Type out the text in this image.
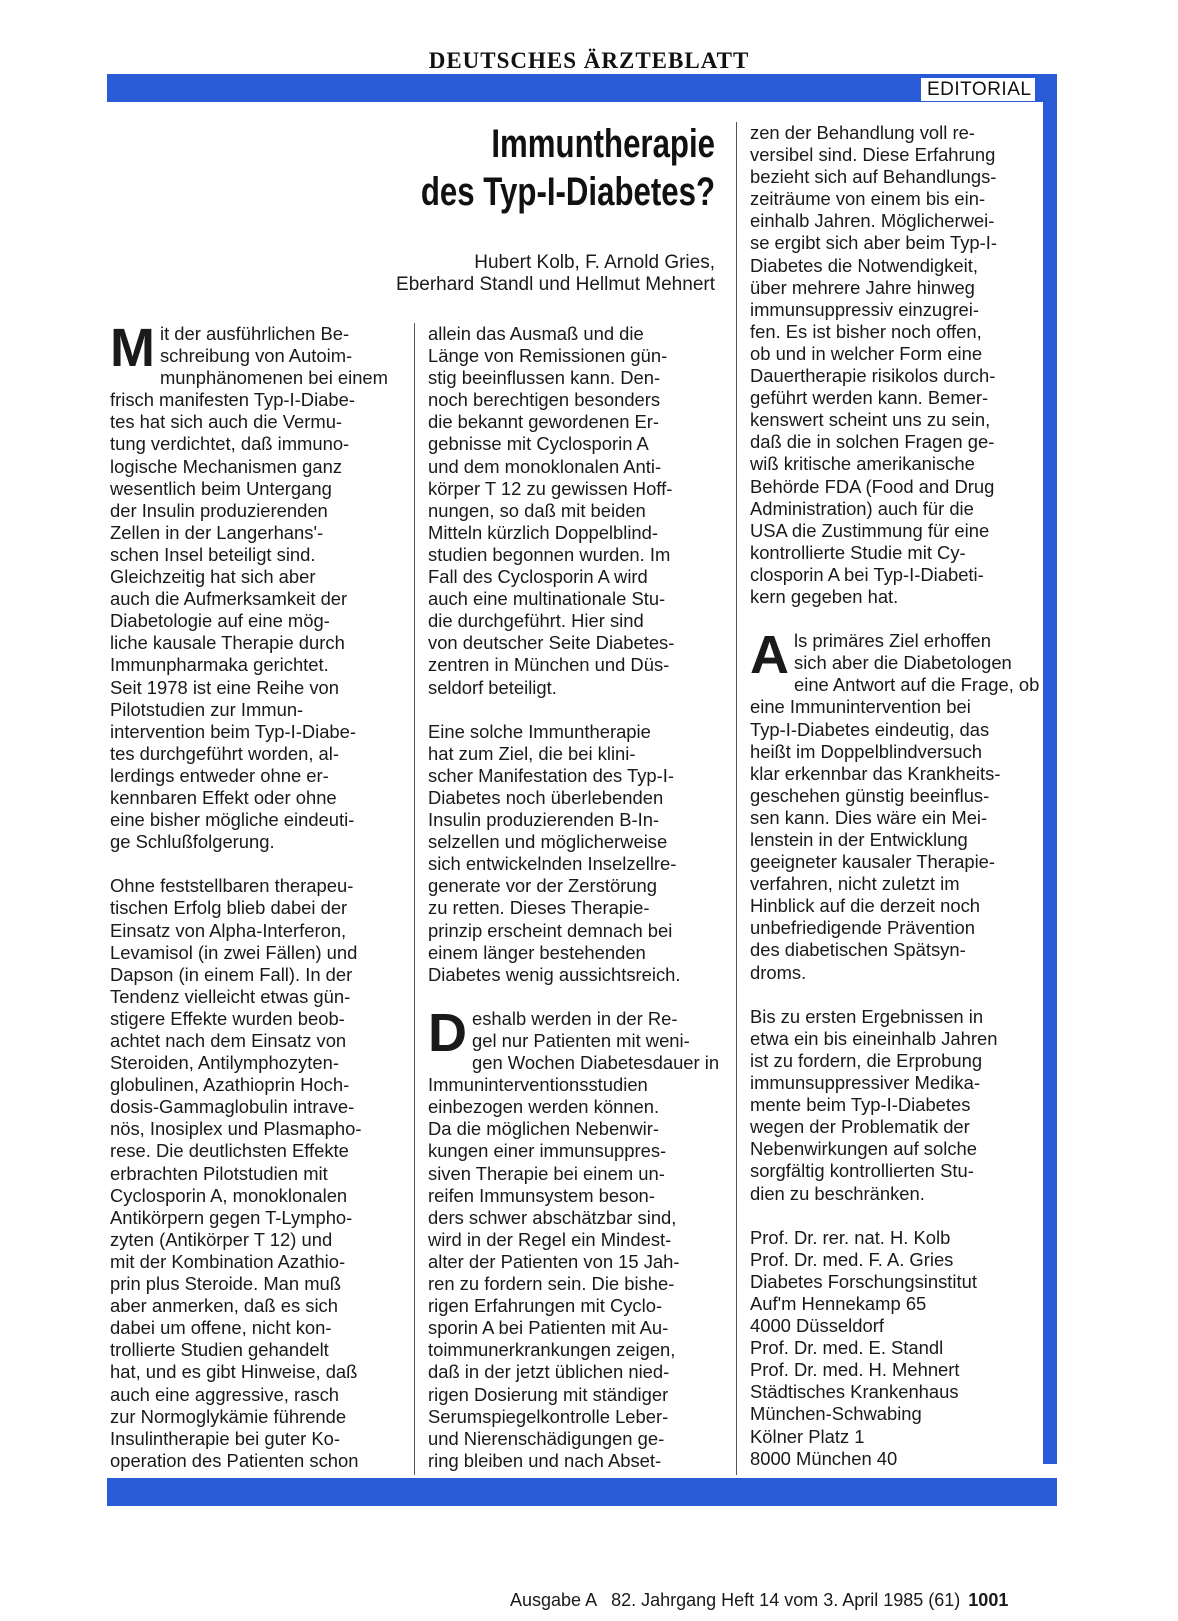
DEUTSCHES ÄRZTEBLATT
EDITORIAL
Immuntherapie
des Typ-I-Diabetes?
Hubert Kolb, F. Arnold Gries,
Eberhard Standl und Hellmut Mehnert
M it der ausführlichen Be-
schreibung von Autoim-
munphänomenen bei einem
frisch manifesten Typ-I-Diabe-
tes hat sich auch die Vermu-
tung verdichtet, daß immuno-
logische Mechanismen ganz
wesentlich beim Untergang
der Insulin produzierenden
Zellen in der Langerhans'-
schen Insel beteiligt sind.
Gleichzeitig hat sich aber
auch die Aufmerksamkeit der
Diabetologie auf eine mög-
liche kausale Therapie durch
Immunpharmaka gerichtet.
Seit 1978 ist eine Reihe von
Pilotstudien zur Immun-
intervention beim Typ-I-Diabe-
tes durchgeführt worden, al-
lerdings entweder ohne er-
kennbaren Effekt oder ohne
eine bisher mögliche eindeuti-
ge Schlußfolgerung.

Ohne feststellbaren therapeu-
tischen Erfolg blieb dabei der
Einsatz von Alpha-Interferon,
Levamisol (in zwei Fällen) und
Dapson (in einem Fall). In der
Tendenz vielleicht etwas gün-
stigere Effekte wurden beob-
achtet nach dem Einsatz von
Steroiden, Antilymphozyten-
globulinen, Azathioprin Hoch-
dosis-Gammaglobulin intrave-
nös, Inosiplex und Plasmapho-
rese. Die deutlichsten Effekte
erbrachten Pilotstudien mit
Cyclosporin A, monoklonalen
Antikörpern gegen T-Lympho-
zyten (Antikörper T 12) und
mit der Kombination Azathio-
prin plus Steroide. Man muß
aber anmerken, daß es sich
dabei um offene, nicht kon-
trollierte Studien gehandelt
hat, und es gibt Hinweise, daß
auch eine aggressive, rasch
zur Normoglykämie führende
Insulintherapie bei guter Ko-
operation des Patienten schon
allein das Ausmaß und die
Länge von Remissionen gün-
stig beeinflussen kann. Den-
noch berechtigen besonders
die bekannt gewordenen Er-
gebnisse mit Cyclosporin A
und dem monoklonalen Anti-
körper T 12 zu gewissen Hoff-
nungen, so daß mit beiden
Mitteln kürzlich Doppelblind-
studien begonnen wurden. Im
Fall des Cyclosporin A wird
auch eine multinationale Stu-
die durchgeführt. Hier sind
von deutscher Seite Diabetes-
zentren in München und Düs-
seldorf beteiligt.

Eine solche Immuntherapie
hat zum Ziel, die bei klini-
scher Manifestation des Typ-I-
Diabetes noch überlebenden
Insulin produzierenden B-In-
selzellen und möglicherweise
sich entwickelnden Inselzellre-
generate vor der Zerstörung
zu retten. Dieses Therapie-
prinzip erscheint demnach bei
einem länger bestehenden
Diabetes wenig aussichtsreich.

D eshalb werden in der Re-
gel nur Patienten mit weni-
gen Wochen Diabetesdauer in
Immuninterventionsstudien
einbezogen werden können.
Da die möglichen Nebenwir-
kungen einer immunsuppres-
siven Therapie bei einem un-
reifen Immunsystem beson-
ders schwer abschätzbar sind,
wird in der Regel ein Mindest-
alter der Patienten von 15 Jah-
ren zu fordern sein. Die bishe-
rigen Erfahrungen mit Cyclo-
sporin A bei Patienten mit Au-
toimmunerkrankungen zeigen,
daß in der jetzt üblichen nied-
rigen Dosierung mit ständiger
Serumspiegelkontrolle Leber-
und Nierenschädigungen ge-
ring bleiben und nach Abset-
zen der Behandlung voll re-
versibel sind. Diese Erfahrung
bezieht sich auf Behandlungs-
zeiträume von einem bis ein-
einhalb Jahren. Möglicherwei-
se ergibt sich aber beim Typ-I-
Diabetes die Notwendigkeit,
über mehrere Jahre hinweg
immunsuppressiv einzugrei-
fen. Es ist bisher noch offen,
ob und in welcher Form eine
Dauertherapie risikolos durch-
geführt werden kann. Bemer-
kenswert scheint uns zu sein,
daß die in solchen Fragen ge-
wiß kritische amerikanische
Behörde FDA (Food and Drug
Administration) auch für die
USA die Zustimmung für eine
kontrollierte Studie mit Cy-
closporin A bei Typ-I-Diabeti-
kern gegeben hat.

A ls primäres Ziel erhoffen
sich aber die Diabetologen
eine Antwort auf die Frage, ob
eine Immunintervention bei
Typ-I-Diabetes eindeutig, das
heißt im Doppelblindversuch
klar erkennbar das Krankheits-
geschehen günstig beeinflus-
sen kann. Dies wäre ein Mei-
lenstein in der Entwicklung
geeigneter kausaler Therapie-
verfahren, nicht zuletzt im
Hinblick auf die derzeit noch
unbefriedigende Prävention
des diabetischen Spätsyn-
droms.

Bis zu ersten Ergebnissen in
etwa ein bis eineinhalb Jahren
ist zu fordern, die Erprobung
immunsuppressiver Medika-
mente beim Typ-I-Diabetes
wegen der Problematik der
Nebenwirkungen auf solche
sorgfältig kontrollierten Stu-
dien zu beschränken.

Prof. Dr. rer. nat. H. Kolb
Prof. Dr. med. F. A. Gries
Diabetes Forschungsinstitut
Auf'm Hennekamp 65
4000 Düsseldorf
Prof. Dr. med. E. Standl
Prof. Dr. med. H. Mehnert
Städtisches Krankenhaus
München-Schwabing
Kölner Platz 1
8000 München 40
Ausgabe A   82. Jahrgang Heft 14 vom 3. April 1985 (61) 1001
